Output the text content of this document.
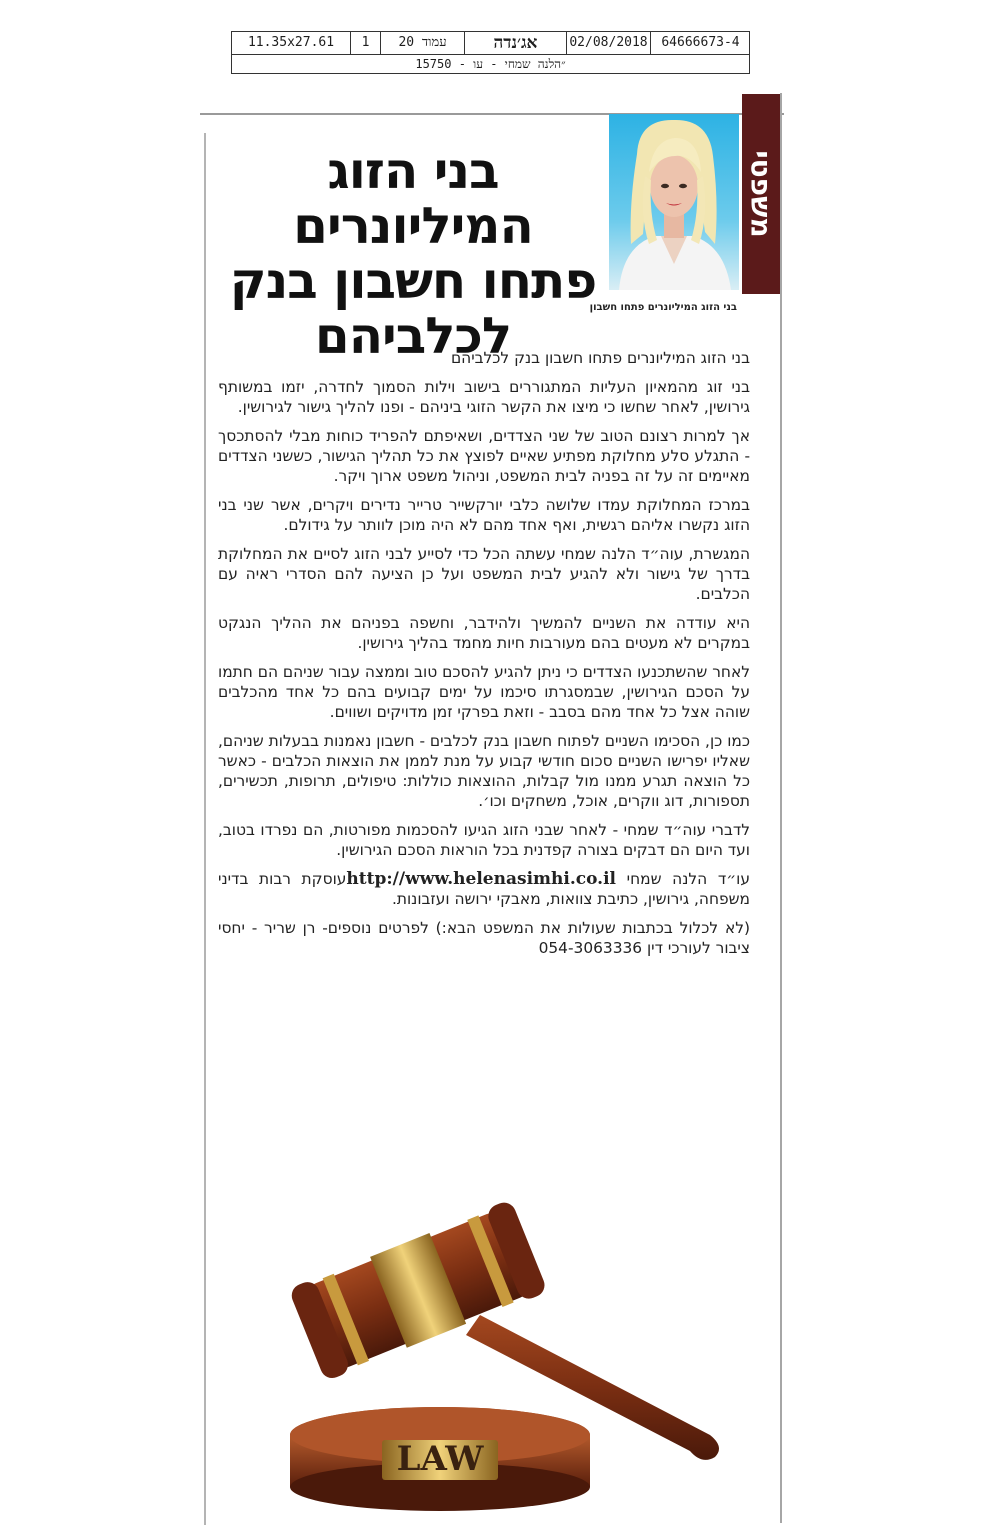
11.35x27.61	1	עמוד 20	אג׳נדה	02/08/2018	64666673-4
״הלנה שמחי - עו - 15750
משפטי
בני הזוג המיליונרים פתחו חשבון
בני הזוג המיליונרים
פתחו חשבון בנק
לכלביהם

בני הזוג המיליונרים פתחו חשבון בנק לכלביהם

בני זוג מהמאיון העליות המתגוררים בישוב וילות הסמוך לחדרה, יזמו במשותף גירושין, לאחר שחשו כי מיצו את הקשר הזוגי ביניהם - ופנו להליך גישור לגירושין.

אך למרות רצונם הטוב של שני הצדדים, ושאיפתם להפריד כוחות מבלי להסתכסך - התגלע סלע מחלוקת מפתיע שאיים לפוצץ את כל תהליך הגישור, כששני הצדדים מאיימים זה על זה בפניה לבית המשפט, וניהול משפט ארוך ויקר.

במרכז המחלוקת עמדו שלושה כלבי יורקשייר טרייר נדירים ויקרים, אשר שני בני הזוג נקשרו אליהם רגשית, ואף אחד מהם לא היה מוכן לוותר על גידולם.

המגשרת, עוה״ד הלנה שמחי עשתה הכל כדי לסייע לבני הזוג לסיים את המחלוקת בדרך של גישור ולא להגיע לבית המשפט ועל כן הציעה להם הסדרי ראיה עם הכלבים.

היא עודדה את השניים להמשיך ולהידבר, וחשפה בפניהם את ההליך הנגקט במקרים לא מעטים בהם מעורבות חיות מחמד בהליך גירושין.

לאחר שהשתכנעו הצדדים כי ניתן להגיע להסכם טוב וממצה עבור שניהם הם חתמו על הסכם הגירושין, שבמסגרתו סיכמו על ימים קבועים בהם כל אחד מהכלבים שוהה אצל כל אחד מהם בסבב - וזאת בפרקי זמן מדויקים ושווים.

כמו כן, הסכימו השניים לפתוח חשבון בנק לכלבים - חשבון נאמנות בבעלות שניהם, שאליו יפרישו השניים סכום חודשי קבוע על מנת לממן את הוצאות הכלבים - כאשר כל הוצאה תגרע ממנו מול קבלות, ההוצאות כוללות: טיפולים, תרופות, תכשירים, תספורות, דוג ווקרים, אוכל, משחקים וכו׳.

לדברי עוה״ד שמחי - לאחר שבני הזוג הגיעו להסכמות מפורטות, הם נפרדו בטוב, ועד היום הם דבקים בצורה קפדנית בכל הוראות הסכם הגירושין.

עו״ד הלנה שמחי http://www.helenasimhi.co.ilעוסקת רבות בדיני משפחה, גירושין, כתיבת צוואות, מאבקי ירושה ועזבונות.

(לא לכלול בכתבות שעולות את המשפט הבא:) לפרטים נוספים- רן שריר - יחסי ציבור לעורכי דין 054-3063336

LAW
